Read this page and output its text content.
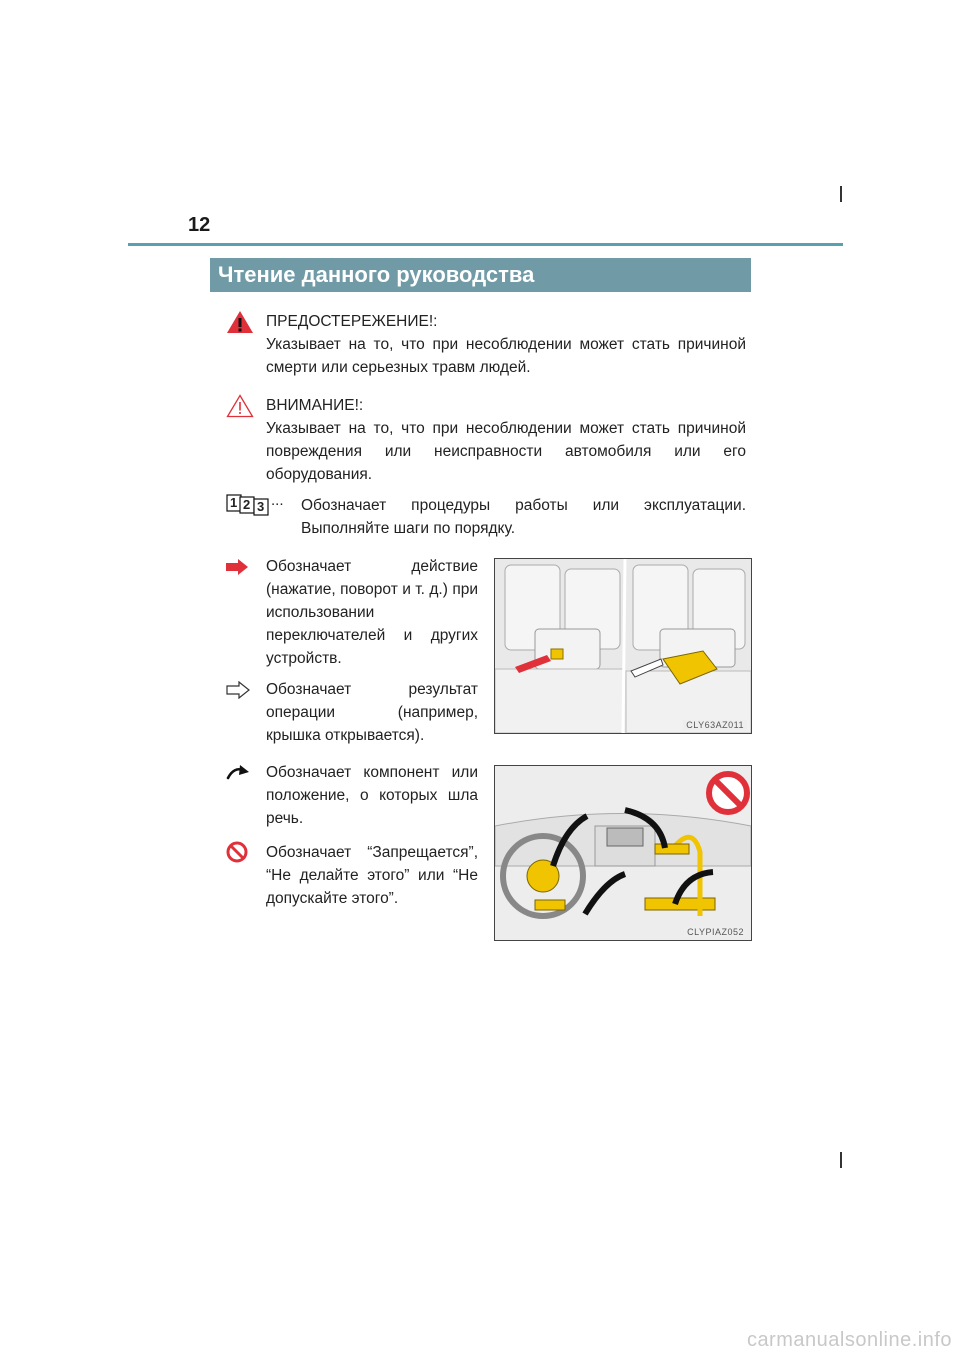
12
Чтение данного руководства

ПРЕДОСТЕРЕЖЕНИЕ!:

Указывает на то, что при несоблюдении может стать причиной смерти или серьезных травм людей.

ВНИМАНИЕ!:

Указывает на то, что при несоблюдении может стать причиной повреждения или неисправности автомобиля или его оборудования.

1 2 3 ... Обозначает процедуры работы или эксплуатации.

Выполняйте шаги по порядку.

Обозначает действие (нажатие, поворот и т. д.) при использовании переключателей и других устройств.
Обозначает результат операции (например, крышка открывается).
Обозначает компонент или положение, о которых шла речь.
Обозначает “Запрещается”, “Не делайте этого” или “Не допускайте этого”.
CLY63AZ011
CLYPIAZ052
carmanualsonline.info
